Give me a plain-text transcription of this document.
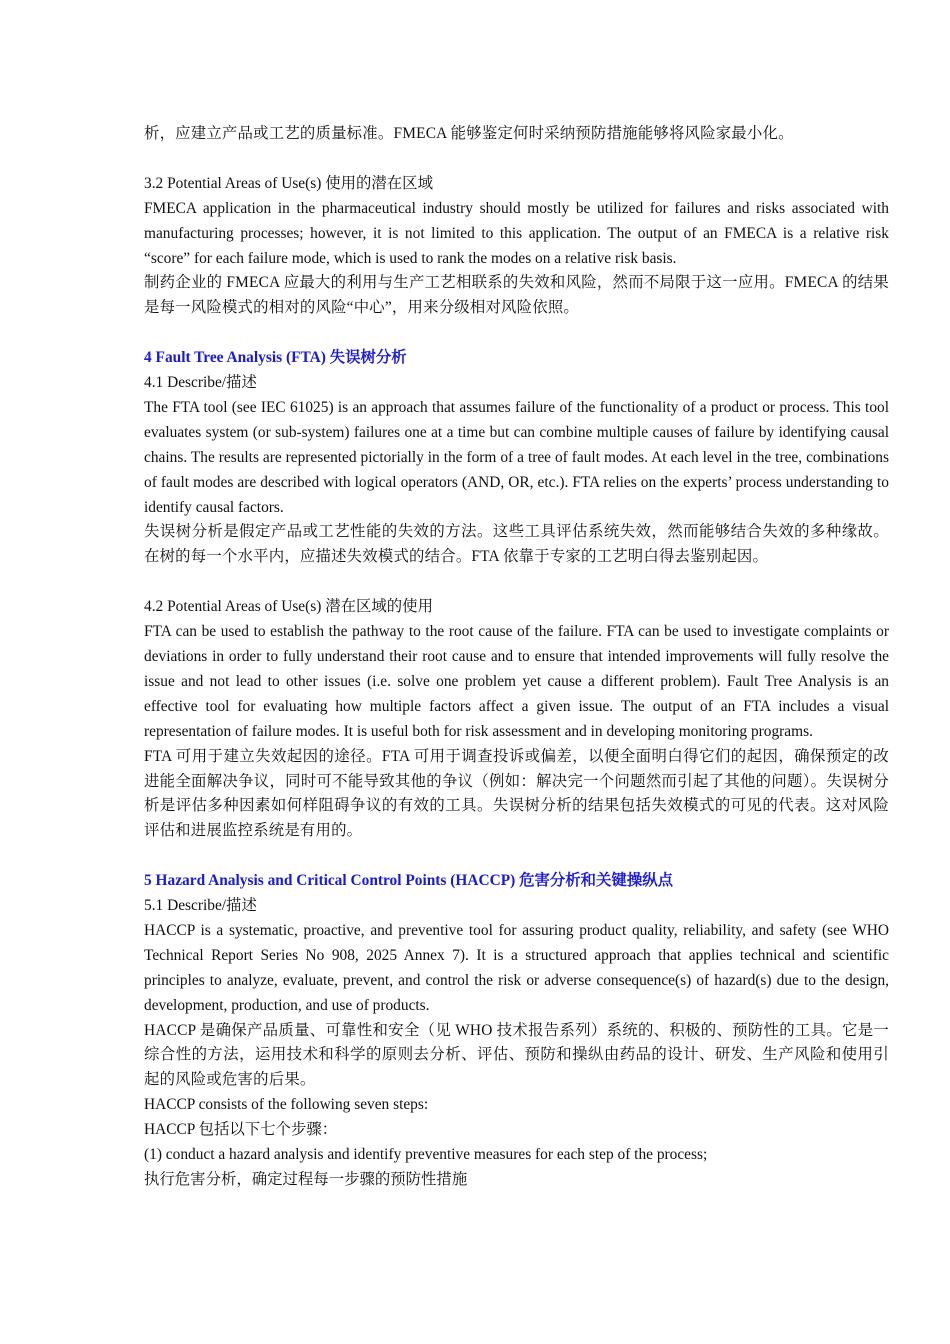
析，应建立产品或工艺的质量标准。FMECA 能够鉴定何时采纳预防措施能够将风险家最小化。

3.2 Potential Areas of Use(s) 使用的潜在区域

FMECA application in the pharmaceutical industry should mostly be utilized for failures and risks associated with manufacturing processes; however, it is not limited to this application. The output of an FMECA is a relative risk “score” for each failure mode, which is used to rank the modes on a relative risk basis.

制药企业的 FMECA 应最大的利用与生产工艺相联系的失效和风险，然而不局限于这一应用。FMECA 的结果是每一风险模式的相对的风险“中心”，用来分级相对风险依照。

4 Fault Tree Analysis (FTA) 失误树分析
4.1 Describe/描述

The FTA tool (see IEC 61025) is an approach that assumes failure of the functionality of a product or process. This tool evaluates system (or sub-system) failures one at a time but can combine multiple causes of failure by identifying causal chains. The results are represented pictorially in the form of a tree of fault modes. At each level in the tree, combinations of fault modes are described with logical operators (AND, OR, etc.). FTA relies on the experts’ process understanding to identify causal factors.

失误树分析是假定产品或工艺性能的失效的方法。这些工具评估系统失效，然而能够结合失效的多种缘故。在树的每一个水平内，应描述失效模式的结合。FTA 依靠于专家的工艺明白得去鉴别起因。

4.2 Potential Areas of Use(s) 潜在区域的使用

FTA can be used to establish the pathway to the root cause of the failure. FTA can be used to investigate complaints or deviations in order to fully understand their root cause and to ensure that intended improvements will fully resolve the issue and not lead to other issues (i.e. solve one problem yet cause a different problem). Fault Tree Analysis is an effective tool for evaluating how multiple factors affect a given issue. The output of an FTA includes a visual representation of failure modes. It is useful both for risk assessment and in developing monitoring programs.

FTA 可用于建立失效起因的途径。FTA 可用于调查投诉或偏差，以便全面明白得它们的起因，确保预定的改进能全面解决争议，同时可不能导致其他的争议（例如：解决完一个问题然而引起了其他的问题）。失误树分析是评估多种因素如何样阻碍争议的有效的工具。失误树分析的结果包括失效模式的可见的代表。这对风险评估和进展监控系统是有用的。

5 Hazard Analysis and Critical Control Points (HACCP) 危害分析和关键操纵点
5.1 Describe/描述

HACCP is a systematic, proactive, and preventive tool for assuring product quality, reliability, and safety (see WHO Technical Report Series No 908, 2025 Annex 7). It is a structured approach that applies technical and scientific principles to analyze, evaluate, prevent, and control the risk or adverse consequence(s) of hazard(s) due to the design, development, production, and use of products.

HACCP 是确保产品质量、可靠性和安全（见 WHO 技术报告系列）系统的、积极的、预防性的工具。它是一综合性的方法，运用技术和科学的原则去分析、评估、预防和操纵由药品的设计、研发、生产风险和使用引起的风险或危害的后果。

HACCP consists of the following seven steps:
HACCP 包括以下七个步骤：
(1) conduct a hazard analysis and identify preventive measures for each step of the process;
执行危害分析，确定过程每一步骤的预防性措施
